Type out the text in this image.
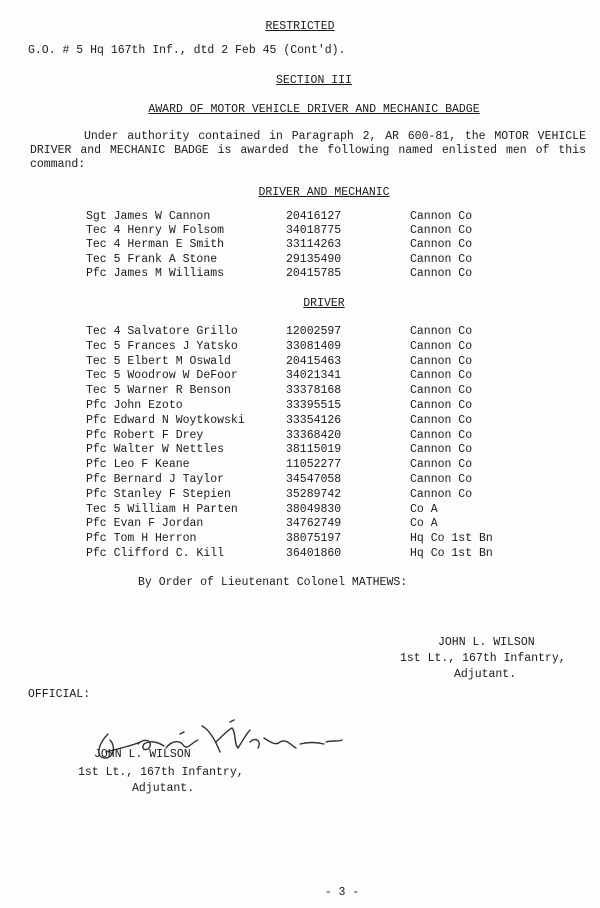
RESTRICTED
G.O. # 5 Hq 167th Inf., dtd 2 Feb 45 (Cont'd).
SECTION III
AWARD OF MOTOR VEHICLE DRIVER AND MECHANIC BADGE
Under authority contained in Paragraph 2, AR 600-81, the MOTOR VEHICLE DRIVER and MECHANIC BADGE is awarded the following named enlisted men of this command:
DRIVER AND MECHANIC
Sgt James W Cannon	20416127	Cannon Co
Tec 4 Henry W Folsom	34018775	Cannon Co
Tec 4 Herman E Smith	33114263	Cannon Co
Tec 5 Frank A Stone	29135490	Cannon Co
Pfc James M Williams	20415785	Cannon Co
DRIVER
Tec 4 Salvatore Grillo	12002597	Cannon Co
Tec 5 Frances J Yatsko	33081409	Cannon Co
Tec 5 Elbert M Oswald	20415463	Cannon Co
Tec 5 Woodrow W DeFoor	34021341	Cannon Co
Tec 5 Warner R Benson	33378168	Cannon Co
Pfc John Ezoto	33395515	Cannon Co
Pfc Edward N Woytkowski	33354126	Cannon Co
Pfc Robert F Drey	33368420	Cannon Co
Pfc Walter W Nettles	38115019	Cannon Co
Pfc Leo F Keane	11052277	Cannon Co
Pfc Bernard J Taylor	34547058	Cannon Co
Pfc Stanley F Stepien	35289742	Cannon Co
Tec 5 William H Parten	38049830	Co A
Pfc Evan F Jordan	34762749	Co A
Pfc Tom H Herron	38075197	Hq Co 1st Bn
Pfc Clifford C. Kill	36401860	Hq Co 1st Bn
By Order of Lieutenant Colonel MATHEWS:
JOHN L. WILSON
1st Lt., 167th Infantry,
Adjutant.
OFFICIAL:
JOHN L. WILSON
1st Lt., 167th Infantry,
Adjutant.
- 3 -
